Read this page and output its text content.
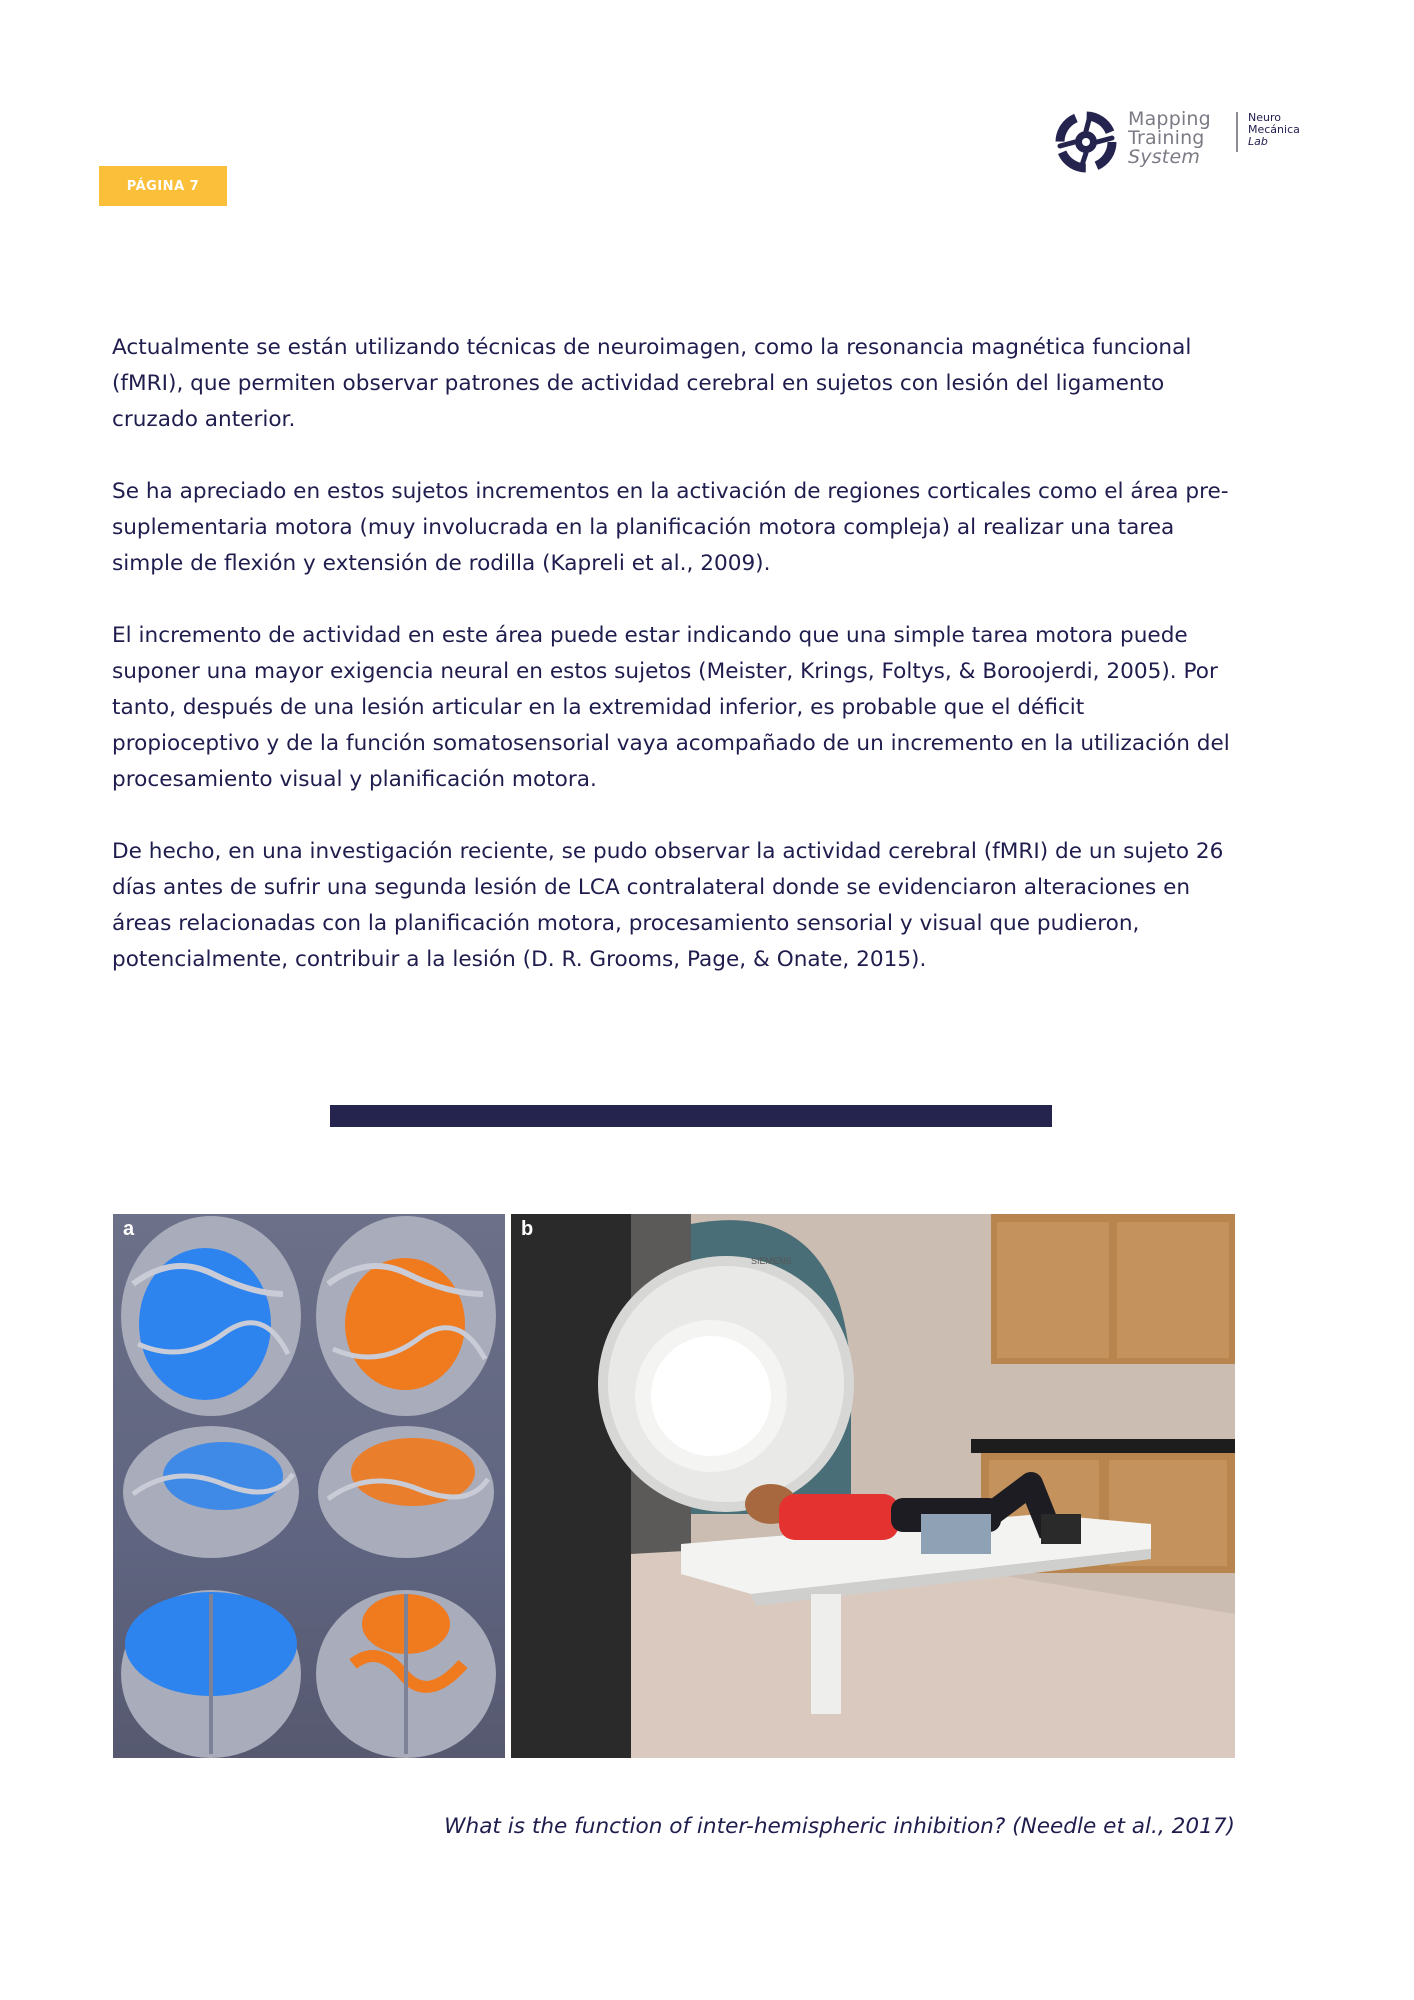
Mapping
Training
System
Neuro
Mecánica
Lab
PÁGINA 7

Actualmente se están utilizando técnicas de neuroimagen, como la resonancia magnética funcional (fMRI), que permiten observar patrones de actividad cerebral en sujetos con lesión del ligamento cruzado anterior.

Se ha apreciado en estos sujetos incrementos en la activación de regiones corticales como el área pre-suplementaria motora (muy involucrada en la planificación motora compleja) al realizar una tarea simple de flexión y extensión de rodilla (Kapreli et al., 2009).

El incremento de actividad en este área puede estar indicando que una simple tarea motora puede suponer una mayor exigencia neural en estos sujetos (Meister, Krings, Foltys, & Boroojerdi, 2005). Por tanto, después de una lesión articular en la extremidad inferior, es probable que el déficit propioceptivo y de la función somatosensorial vaya acompañado de un incremento en la utilización del procesamiento visual y planificación motora.

De hecho, en una investigación reciente, se pudo observar la actividad cerebral (fMRI) de un sujeto 26 días antes de sufrir una segunda lesión de LCA contralateral donde se evidenciaron alteraciones en áreas relacionadas con la planificación motora, procesamiento sensorial y visual que pudieron, potencialmente, contribuir a la lesión (D. R. Grooms, Page, & Onate, 2015).

a
SIEMENS
b
What is the function of inter-hemispheric inhibition? (Needle et al., 2017)
